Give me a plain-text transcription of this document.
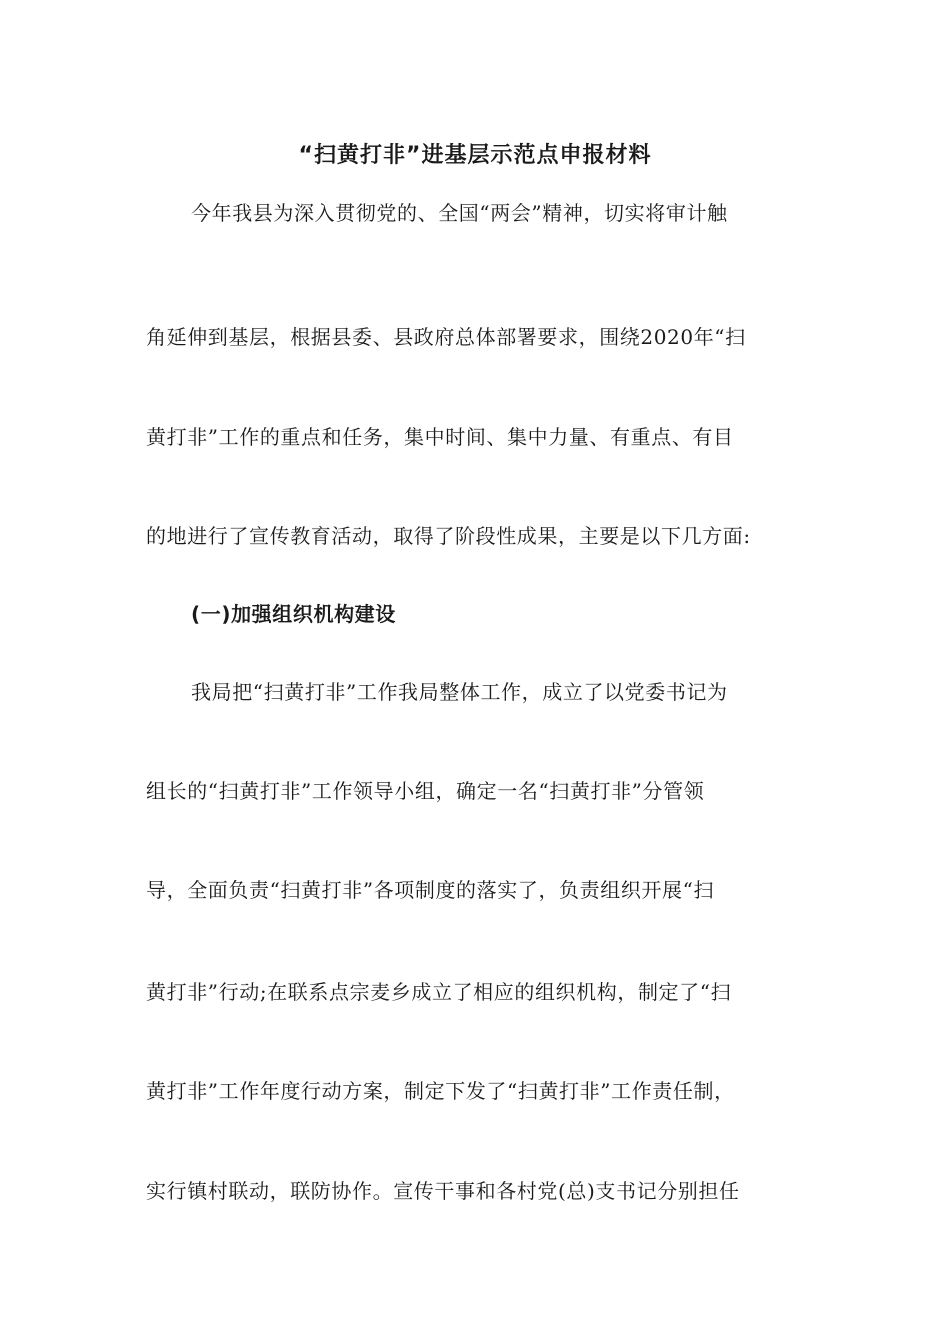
“扫黄打非”进基层示范点申报材料

今年我县为深入贯彻党的、全国“两会”精神，切实将审计触

角延伸到基层，根据县委、县政府总体部署要求，围绕2020年“扫

黄打非”工作的重点和任务，集中时间、集中力量、有重点、有目

的地进行了宣传教育活动，取得了阶段性成果，主要是以下几方面:

(一)加强组织机构建设

我局把“扫黄打非”工作我局整体工作，成立了以党委书记为

组长的“扫黄打非”工作领导小组，确定一名“扫黄打非”分管领

导，全面负责“扫黄打非”各项制度的落实了，负责组织开展“扫

黄打非”行动;在联系点宗麦乡成立了相应的组织机构，制定了“扫

黄打非”工作年度行动方案，制定下发了“扫黄打非”工作责任制，

实行镇村联动，联防协作。宣传干事和各村党(总)支书记分别担任
